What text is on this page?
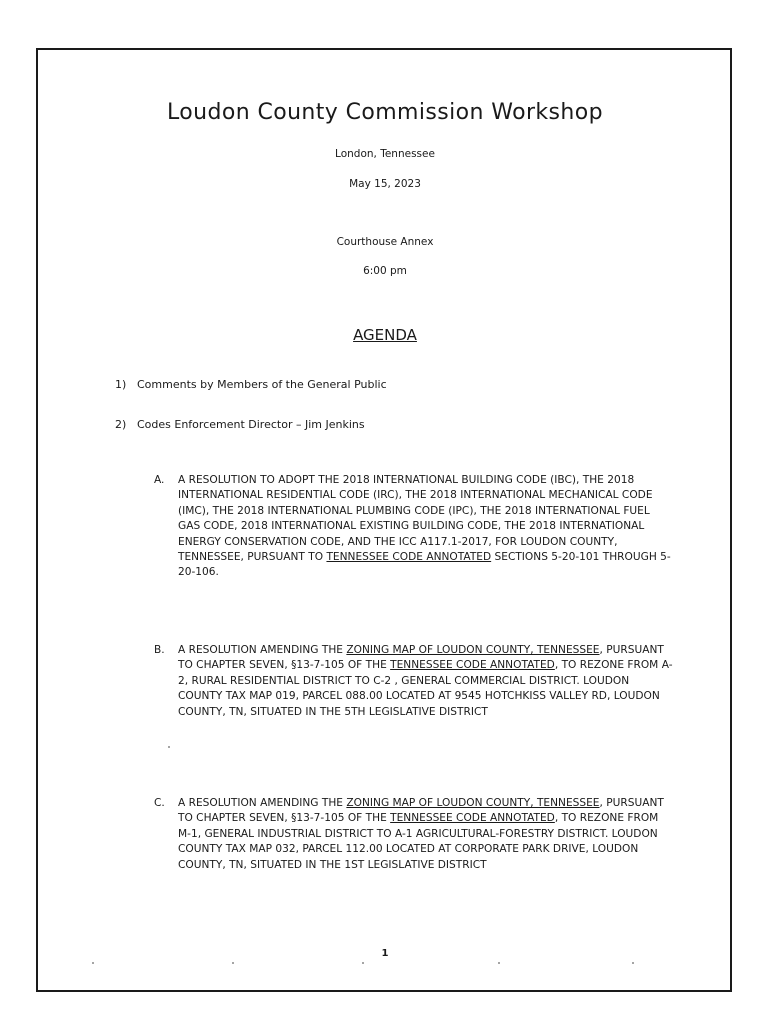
Loudon County Commission Workshop
London, Tennessee
May 15, 2023
Courthouse Annex
6:00 pm
AGENDA
1) Comments by Members of the General Public
2) Codes Enforcement Director – Jim Jenkins
A. A RESOLUTION TO ADOPT THE 2018 INTERNATIONAL BUILDING CODE (IBC), THE 2018 INTERNATIONAL RESIDENTIAL CODE (IRC), THE 2018 INTERNATIONAL MECHANICAL CODE (IMC), THE 2018 INTERNATIONAL PLUMBING CODE (IPC), THE 2018 INTERNATIONAL FUEL GAS CODE, 2018 INTERNATIONAL EXISTING BUILDING CODE, THE 2018 INTERNATIONAL ENERGY CONSERVATION CODE, AND THE ICC A117.1-2017, FOR LOUDON COUNTY, TENNESSEE, PURSUANT TO TENNESSEE CODE ANNOTATED SECTIONS 5-20-101 THROUGH 5-20-106.
B. A RESOLUTION AMENDING THE ZONING MAP OF LOUDON COUNTY, TENNESSEE, PURSUANT TO CHAPTER SEVEN, §13-7-105 OF THE TENNESSEE CODE ANNOTATED, TO REZONE FROM A-2, RURAL RESIDENTIAL DISTRICT TO C-2 , GENERAL COMMERCIAL DISTRICT. LOUDON COUNTY TAX MAP 019, PARCEL 088.00 LOCATED AT 9545 HOTCHKISS VALLEY RD, LOUDON COUNTY, TN, SITUATED IN THE 5TH LEGISLATIVE DISTRICT
C. A RESOLUTION AMENDING THE ZONING MAP OF LOUDON COUNTY, TENNESSEE, PURSUANT TO CHAPTER SEVEN, §13-7-105 OF THE TENNESSEE CODE ANNOTATED, TO REZONE FROM M-1, GENERAL INDUSTRIAL DISTRICT TO A-1 AGRICULTURAL-FORESTRY DISTRICT. LOUDON COUNTY TAX MAP 032, PARCEL 112.00 LOCATED AT CORPORATE PARK DRIVE, LOUDON COUNTY, TN, SITUATED IN THE 1ST LEGISLATIVE DISTRICT
1
